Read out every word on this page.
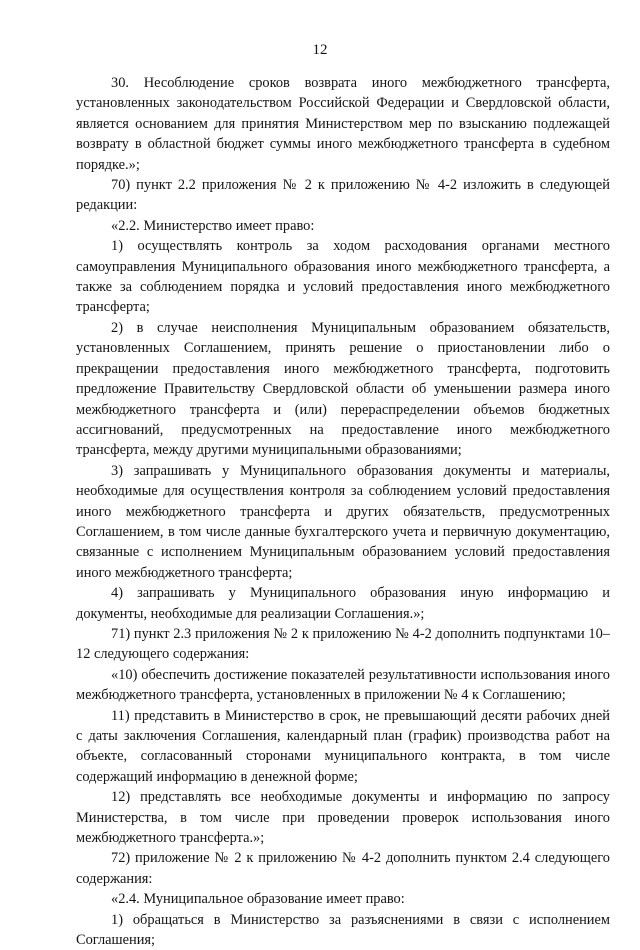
12

30. Несоблюдение сроков возврата иного межбюджетного трансферта, установленных законодательством Российской Федерации и Свердловской области, является основанием для принятия Министерством мер по взысканию подлежащей возврату в областной бюджет суммы иного межбюджетного трансферта в судебном порядке.»;

70) пункт 2.2 приложения № 2 к приложению № 4-2 изложить в следующей редакции:

«2.2. Министерство имеет право:

1) осуществлять контроль за ходом расходования органами местного самоуправления Муниципального образования иного межбюджетного трансферта, а также за соблюдением порядка и условий предоставления иного межбюджетного трансферта;

2) в случае неисполнения Муниципальным образованием обязательств, установленных Соглашением, принять решение о приостановлении либо о прекращении предоставления иного межбюджетного трансферта, подготовить предложение Правительству Свердловской области об уменьшении размера иного межбюджетного трансферта и (или) перераспределении объемов бюджетных ассигнований, предусмотренных на предоставление иного межбюджетного трансферта, между другими муниципальными образованиями;

3) запрашивать у Муниципального образования документы и материалы, необходимые для осуществления контроля за соблюдением условий предоставления иного межбюджетного трансферта и других обязательств, предусмотренных Соглашением, в том числе данные бухгалтерского учета и первичную документацию, связанные с исполнением Муниципальным образованием условий предоставления иного межбюджетного трансферта;

4) запрашивать у Муниципального образования иную информацию и документы, необходимые для реализации Соглашения.»;

71) пункт 2.3 приложения № 2 к приложению № 4-2 дополнить подпунктами 10–12 следующего содержания:

«10) обеспечить достижение показателей результативности использования иного межбюджетного трансферта, установленных в приложении № 4 к Соглашению;

11) представить в Министерство в срок, не превышающий десяти рабочих дней с даты заключения Соглашения, календарный план (график) производства работ на объекте, согласованный сторонами муниципального контракта, в том числе содержащий информацию в денежной форме;

12) представлять все необходимые документы и информацию по запросу Министерства, в том числе при проведении проверок использования иного межбюджетного трансферта.»;

72) приложение № 2 к приложению № 4-2 дополнить пунктом 2.4 следующего содержания:

«2.4. Муниципальное образование имеет право:

1) обращаться в Министерство за разъяснениями в связи с исполнением Соглашения;
